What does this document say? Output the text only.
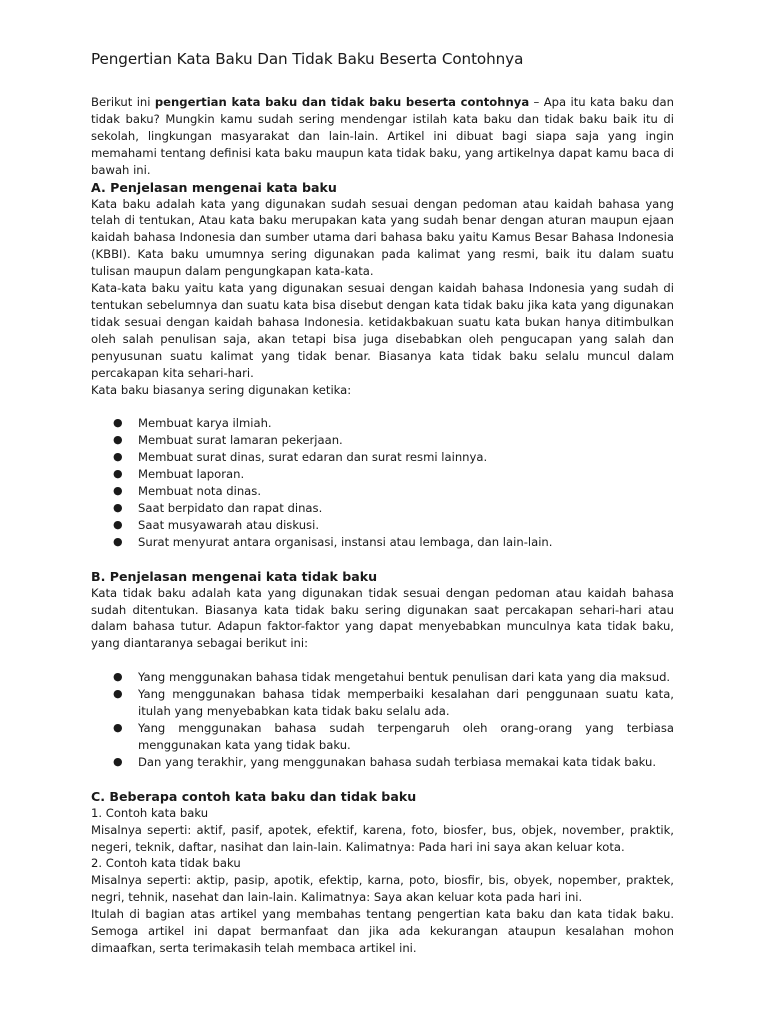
Pengertian Kata Baku Dan Tidak Baku Beserta Contohnya

Berikut ini pengertian kata baku dan tidak baku beserta contohnya – Apa itu kata baku dan tidak baku? Mungkin kamu sudah sering mendengar istilah kata baku dan tidak baku baik itu di sekolah, lingkungan masyarakat dan lain-lain. Artikel ini dibuat bagi siapa saja yang ingin memahami tentang definisi kata baku maupun kata tidak baku, yang artikelnya dapat kamu baca di bawah ini.

A. Penjelasan mengenai kata baku

Kata baku adalah kata yang digunakan sudah sesuai dengan pedoman atau kaidah bahasa yang telah di tentukan, Atau kata baku merupakan kata yang sudah benar dengan aturan maupun ejaan kaidah bahasa Indonesia dan sumber utama dari bahasa baku yaitu Kamus Besar Bahasa Indonesia (KBBI). Kata baku umumnya sering digunakan pada kalimat yang resmi, baik itu dalam suatu tulisan maupun dalam pengungkapan kata-kata.

Kata-kata baku yaitu kata yang digunakan sesuai dengan kaidah bahasa Indonesia yang sudah di tentukan sebelumnya dan suatu kata bisa disebut dengan kata tidak baku jika kata yang digunakan tidak sesuai dengan kaidah bahasa Indonesia. ketidakbakuan suatu kata bukan hanya ditimbulkan oleh salah penulisan saja, akan tetapi bisa juga disebabkan oleh pengucapan yang salah dan penyusunan suatu kalimat yang tidak benar. Biasanya kata tidak baku selalu muncul dalam percakapan kita sehari-hari.

Kata baku biasanya sering digunakan ketika:

● Membuat karya ilmiah.
● Membuat surat lamaran pekerjaan.
● Membuat surat dinas, surat edaran dan surat resmi lainnya.
● Membuat laporan.
● Membuat nota dinas.
● Saat berpidato dan rapat dinas.
● Saat musyawarah atau diskusi.
● Surat menyurat antara organisasi, instansi atau lembaga, dan lain-lain.
B. Penjelasan mengenai kata tidak baku

Kata tidak baku adalah kata yang digunakan tidak sesuai dengan pedoman atau kaidah bahasa sudah ditentukan. Biasanya kata tidak baku sering digunakan saat percakapan sehari-hari atau dalam bahasa tutur. Adapun faktor-faktor yang dapat menyebabkan munculnya kata tidak baku, yang diantaranya sebagai berikut ini:

● Yang menggunakan bahasa tidak mengetahui bentuk penulisan dari kata yang dia maksud.
● Yang menggunakan bahasa tidak memperbaiki kesalahan dari penggunaan suatu kata, itulah yang menyebabkan kata tidak baku selalu ada.
● Yang menggunakan bahasa sudah terpengaruh oleh orang-orang yang terbiasa menggunakan kata yang tidak baku.
● Dan yang terakhir, yang menggunakan bahasa sudah terbiasa memakai kata tidak baku.
C. Beberapa contoh kata baku dan tidak baku

1. Contoh kata baku

Misalnya seperti: aktif, pasif, apotek, efektif, karena, foto, biosfer, bus, objek, november, praktik, negeri, teknik, daftar, nasihat dan lain-lain. Kalimatnya: Pada hari ini saya akan keluar kota.

2. Contoh kata tidak baku

Misalnya seperti: aktip, pasip, apotik, efektip, karna, poto, biosfir, bis, obyek, nopember, praktek, negri, tehnik, nasehat dan lain-lain. Kalimatnya: Saya akan keluar kota pada hari ini.

Itulah di bagian atas artikel yang membahas tentang pengertian kata baku dan kata tidak baku. Semoga artikel ini dapat bermanfaat dan jika ada kekurangan ataupun kesalahan mohon dimaafkan, serta terimakasih telah membaca artikel ini.
